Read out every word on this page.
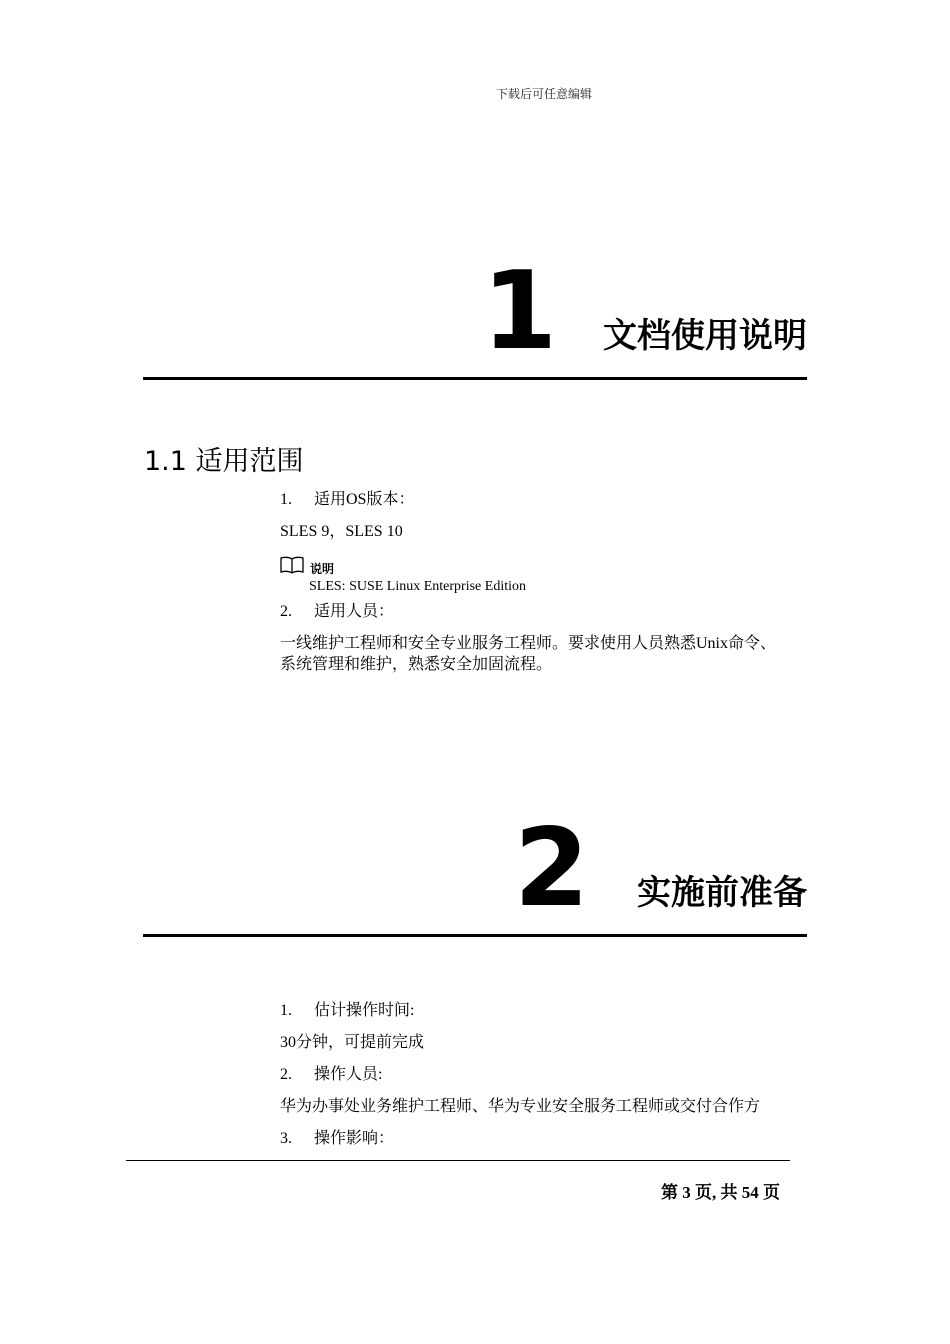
下载后可任意编辑
1 文档使用说明
1.1 适用范围
1. 适用OS版本：
SLES 9，SLES 10
说明
SLES: SUSE Linux Enterprise Edition
2. 适用人员：
一线维护工程师和安全专业服务工程师。要求使用人员熟悉Unix命令、
系统管理和维护，熟悉安全加固流程。
2 实施前准备
1. 估计操作时间:
30分钟，可提前完成
2. 操作人员:
华为办事处业务维护工程师、华为专业安全服务工程师或交付合作方
3. 操作影响：
第 3 页, 共 54 页
